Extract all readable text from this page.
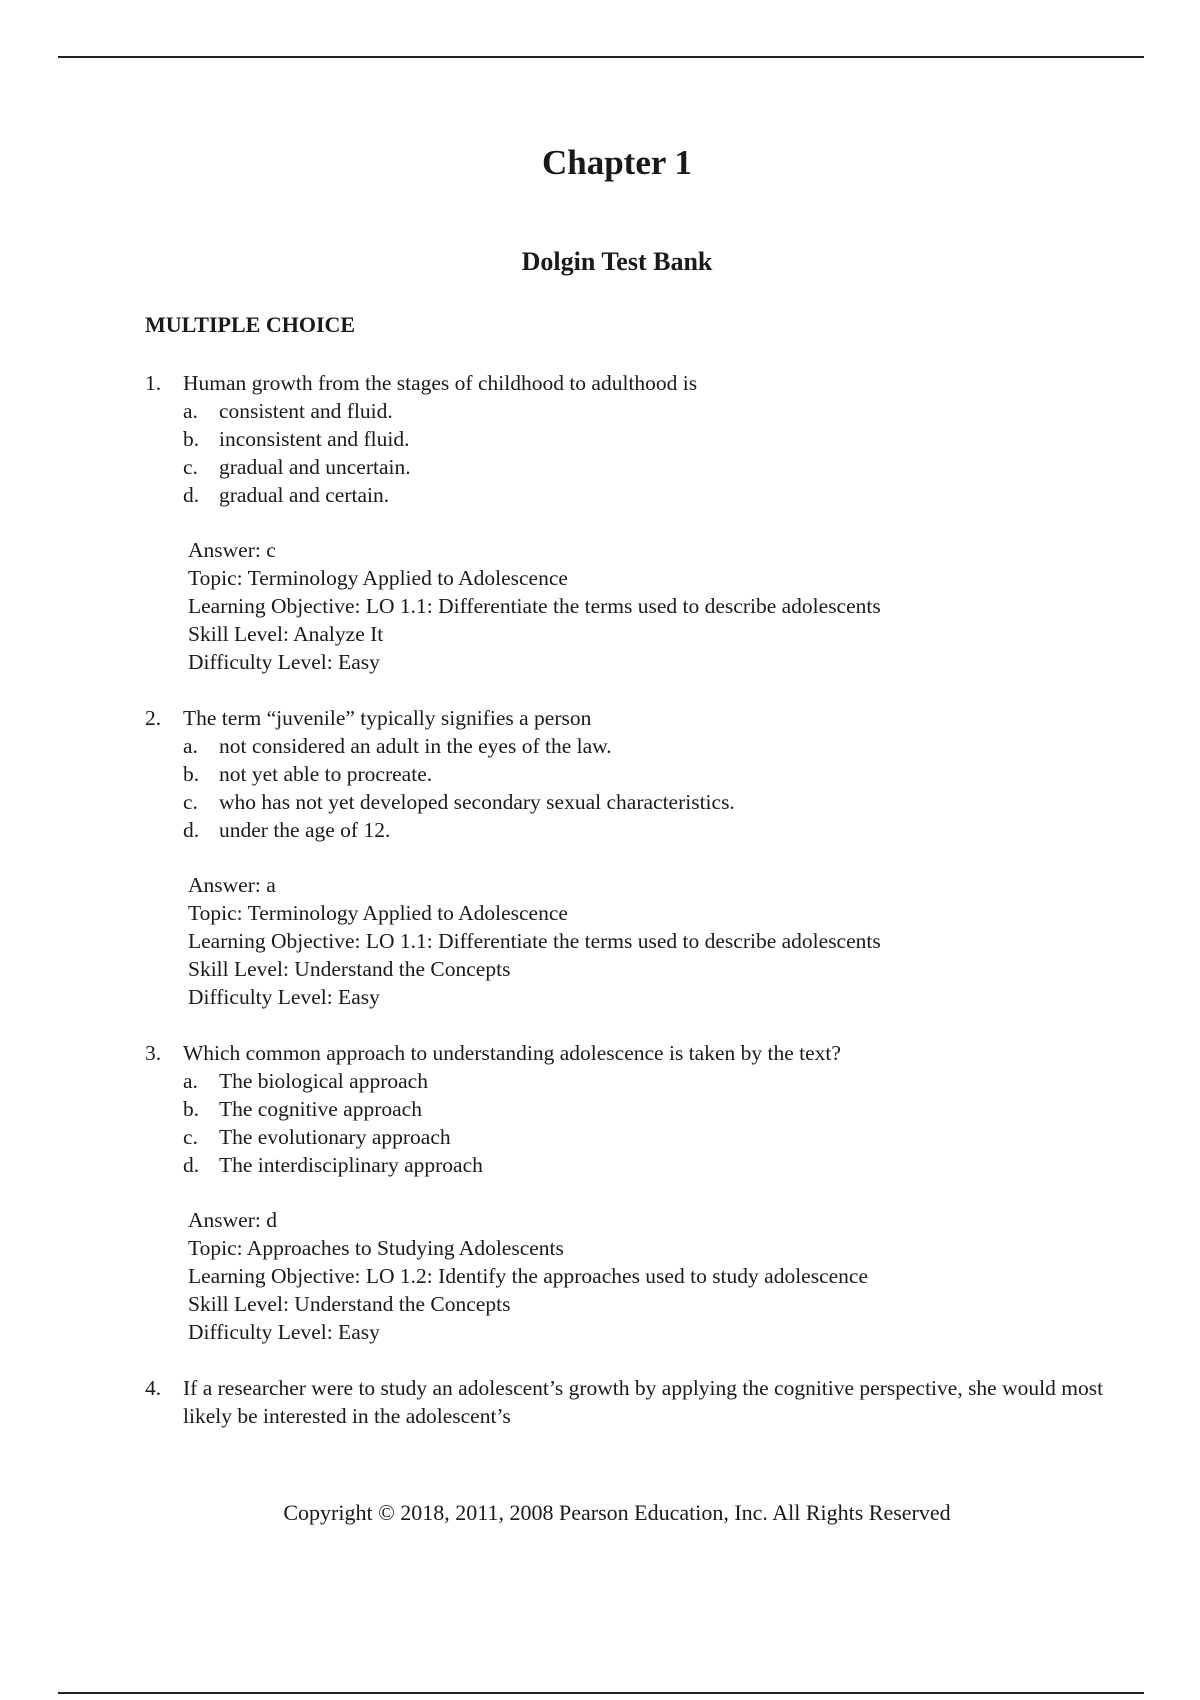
Chapter 1
Dolgin Test Bank
MULTIPLE CHOICE
1.	Human growth from the stages of childhood to adulthood is
a. consistent and fluid.
b. inconsistent and fluid.
c. gradual and uncertain.
d. gradual and certain.
Answer: c
Topic: Terminology Applied to Adolescence
Learning Objective: LO 1.1: Differentiate the terms used to describe adolescents
Skill Level: Analyze It
Difficulty Level: Easy
2.	The term “juvenile” typically signifies a person
a. not considered an adult in the eyes of the law.
b. not yet able to procreate.
c. who has not yet developed secondary sexual characteristics.
d. under the age of 12.
Answer: a
Topic: Terminology Applied to Adolescence
Learning Objective: LO 1.1: Differentiate the terms used to describe adolescents
Skill Level: Understand the Concepts
Difficulty Level: Easy
3.	Which common approach to understanding adolescence is taken by the text?
a. The biological approach
b. The cognitive approach
c. The evolutionary approach
d. The interdisciplinary approach
Answer: d
Topic: Approaches to Studying Adolescents
Learning Objective: LO 1.2: Identify the approaches used to study adolescence
Skill Level: Understand the Concepts
Difficulty Level: Easy
4.	If a researcher were to study an adolescent’s growth by applying the cognitive perspective, she would most likely be interested in the adolescent’s

Copyright © 2018, 2011, 2008 Pearson Education, Inc. All Rights Reserved
